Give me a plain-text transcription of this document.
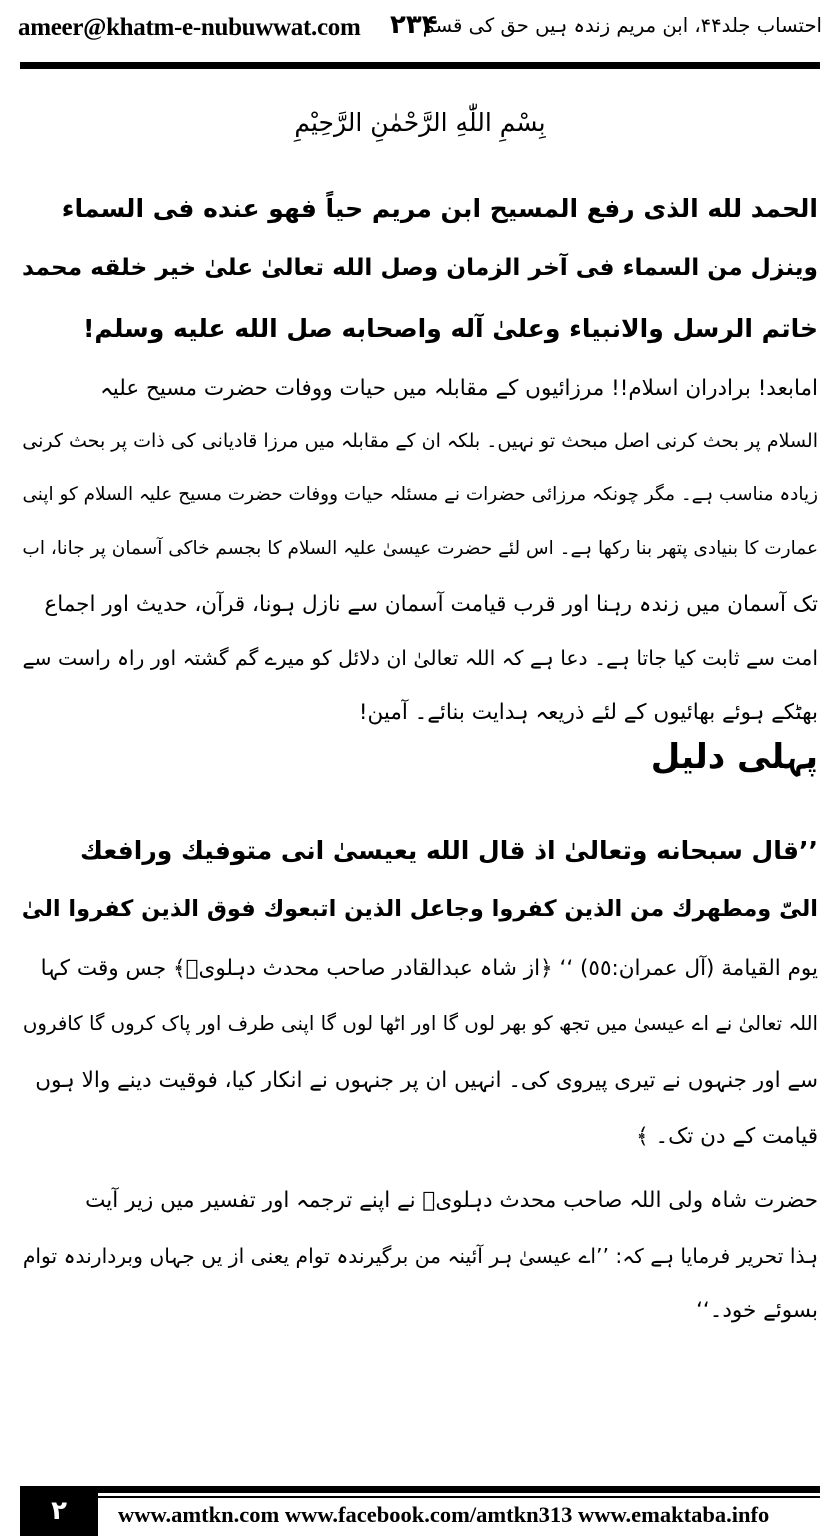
ameer@khatm-e-nubuwwat.com ۲۳۴
احتساب جلد۴۴، ابن مریم زندہ ہیں حق کی قسم
بِسْمِ اللّٰهِ الرَّحْمٰنِ الرَّحِيْمِ
الحمد لله الذى رفع المسيح ابن مريم حياً فهو عنده فى السماء
وينزل من السماء فى آخر الزمان وصل الله تعالىٰ علىٰ خير خلقه محمد
خاتم الرسل والانبياء وعلىٰ آله واصحابه صل الله عليه وسلم!
امابعد! برادران اسلام!! مرزائیوں کے مقابلہ میں حیات ووفات حضرت مسیح علیہ
السلام پر بحث کرنی اصل مبحث تو نہیں۔ بلکہ ان کے مقابلہ میں مرزا قادیانی کی ذات پر بحث کرنی
زیادہ مناسب ہے۔ مگر چونکہ مرزائی حضرات نے مسئلہ حیات ووفات حضرت مسیح علیہ السلام کو اپنی
عمارت کا بنیادی پتھر بنا رکھا ہے۔ اس لئے حضرت عیسیٰ علیہ السلام کا بجسم خاکی آسمان پر جانا، اب
تک آسمان میں زندہ رہنا اور قرب قیامت آسمان سے نازل ہونا، قرآن، حدیث اور اجماع
امت سے ثابت کیا جاتا ہے۔ دعا ہے کہ اللہ تعالیٰ ان دلائل کو میرے گم گشتہ اور راہ راست سے
بھٹکے ہوئے بھائیوں کے لئے ذریعہ ہدایت بنائے۔ آمین!
پہلی دلیل
’’قال سبحانه وتعالىٰ اذ قال الله يعيسىٰ انى متوفيك ورافعك
الىّ ومطهرك من الذين كفروا وجاعل الذين اتبعوك فوق الذين كفروا الىٰ
يوم القيامة (آل عمران:٥٥) ‘‘ ﴿از شاہ عبدالقادر صاحب محدث دہلویؒ﴾ جس وقت کہا
اللہ تعالیٰ نے اے عیسیٰ میں تجھ کو بھر لوں گا اور اٹھا لوں گا اپنی طرف اور پاک کروں گا کافروں
سے اور جنہوں نے تیری پیروی کی۔ انہیں ان پر جنہوں نے انکار کیا، فوقیت دینے والا ہوں
قیامت کے دن تک۔ ﴾
حضرت شاہ ولی اللہ صاحب محدث دہلویؒ نے اپنے ترجمہ اور تفسیر میں زیر آیت
ہذا تحریر فرمایا ہے کہ: ’’اے عیسیٰ ہر آئینہ من برگیرندہ توام یعنی از یں جہاں وبردارندہ توام
بسوئے خود۔‘‘
۲	www.amtkn.com www.facebook.com/amtkn313 www.emaktaba.info
